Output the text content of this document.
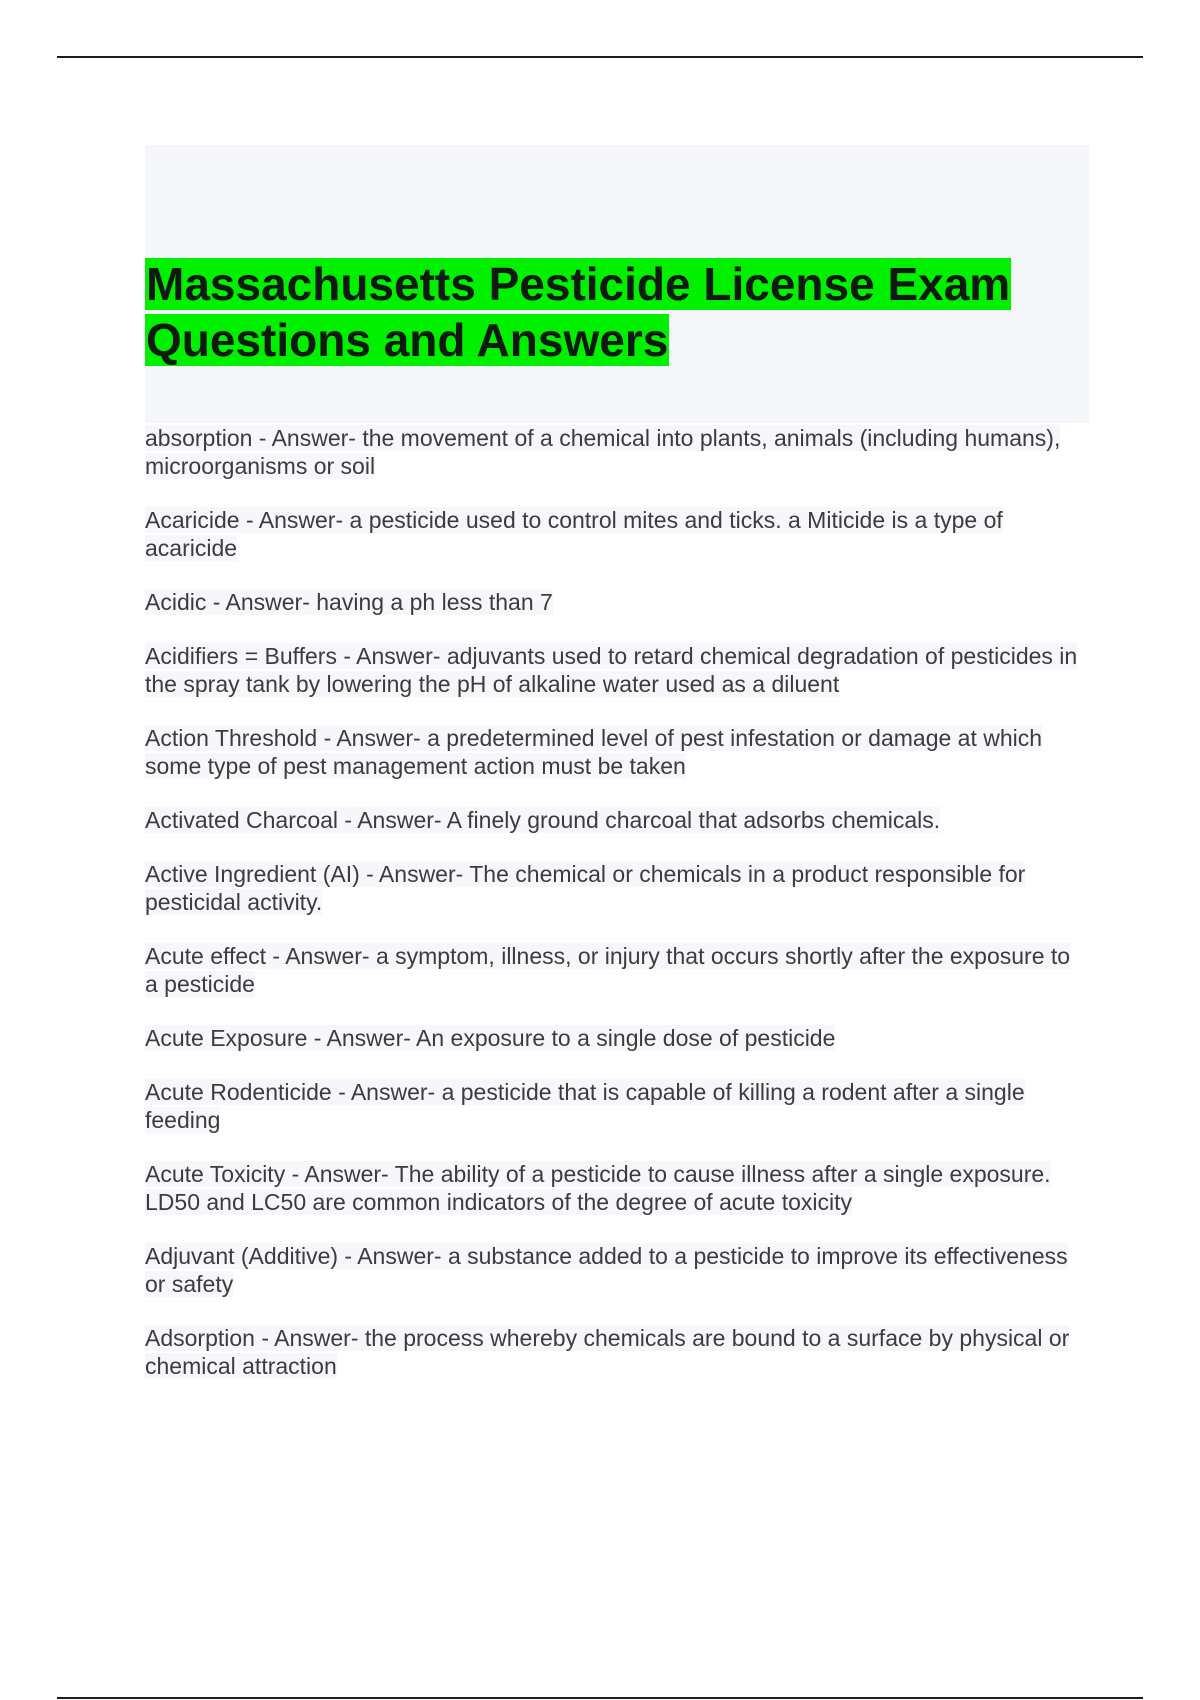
Massachusetts Pesticide License Exam Questions and Answers

absorption - Answer- the movement of a chemical into plants, animals (including humans), microorganisms or soil

Acaricide - Answer- a pesticide used to control mites and ticks. a Miticide is a type of acaricide

Acidic - Answer- having a ph less than 7

Acidifiers = Buffers - Answer- adjuvants used to retard chemical degradation of pesticides in the spray tank by lowering the pH of alkaline water used as a diluent

Action Threshold - Answer- a predetermined level of pest infestation or damage at which some type of pest management action must be taken

Activated Charcoal - Answer- A finely ground charcoal that adsorbs chemicals.

Active Ingredient (AI) - Answer- The chemical or chemicals in a product responsible for pesticidal activity.

Acute effect - Answer- a symptom, illness, or injury that occurs shortly after the exposure to a pesticide

Acute Exposure - Answer- An exposure to a single dose of pesticide

Acute Rodenticide - Answer- a pesticide that is capable of killing a rodent after a single feeding

Acute Toxicity - Answer- The ability of a pesticide to cause illness after a single exposure. LD50 and LC50 are common indicators of the degree of acute toxicity

Adjuvant (Additive) - Answer- a substance added to a pesticide to improve its effectiveness or safety

Adsorption - Answer- the process whereby chemicals are bound to a surface by physical or chemical attraction
